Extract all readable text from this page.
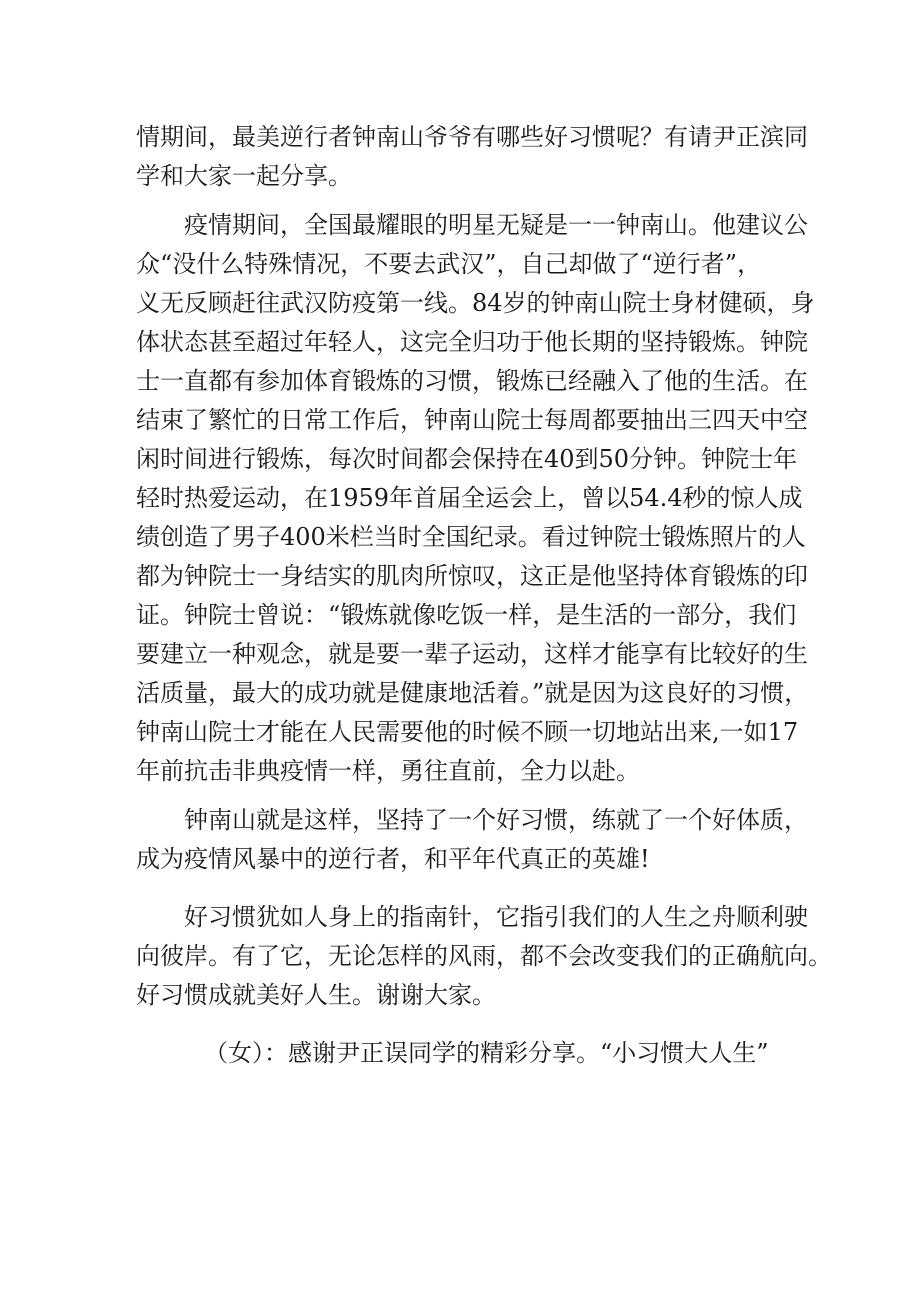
情期间，最美逆行者钟南山爷爷有哪些好习惯呢？有请尹正滨同
学和大家一起分享。
疫情期间，全国最耀眼的明星无疑是一一钟南山。他建议公
众“没什么特殊情况，不要去武汉”，自己却做了“逆行者”，
义无反顾赶往武汉防疫第一线。84岁的钟南山院士身材健硕，身
体状态甚至超过年轻人，这完全归功于他长期的坚持锻炼。钟院
士一直都有参加体育锻炼的习惯，锻炼已经融入了他的生活。在
结束了繁忙的日常工作后，钟南山院士每周都要抽出三四天中空
闲时间进行锻炼，每次时间都会保持在40到50分钟。钟院士年
轻时热爱运动，在1959年首届全运会上，曾以54.4秒的惊人成
绩创造了男子400米栏当时全国纪录。看过钟院士锻炼照片的人
都为钟院士一身结实的肌肉所惊叹，这正是他坚持体育锻炼的印
证。钟院士曾说：“锻炼就像吃饭一样，是生活的一部分，我们
要建立一种观念，就是要一辈子运动，这样才能享有比较好的生
活质量，最大的成功就是健康地活着。”就是因为这良好的习惯，
钟南山院士才能在人民需要他的时候不顾一切地站出来,一如17
年前抗击非典疫情一样，勇往直前，全力以赴。
钟南山就是这样，坚持了一个好习惯，练就了一个好体质，
成为疫情风暴中的逆行者，和平年代真正的英雄!
好习惯犹如人身上的指南针，它指引我们的人生之舟顺利驶
向彼岸。有了它，无论怎样的风雨，都不会改变我们的正确航向。
好习惯成就美好人生。谢谢大家。
（女）：感谢尹正误同学的精彩分享。“小习惯大人生”
